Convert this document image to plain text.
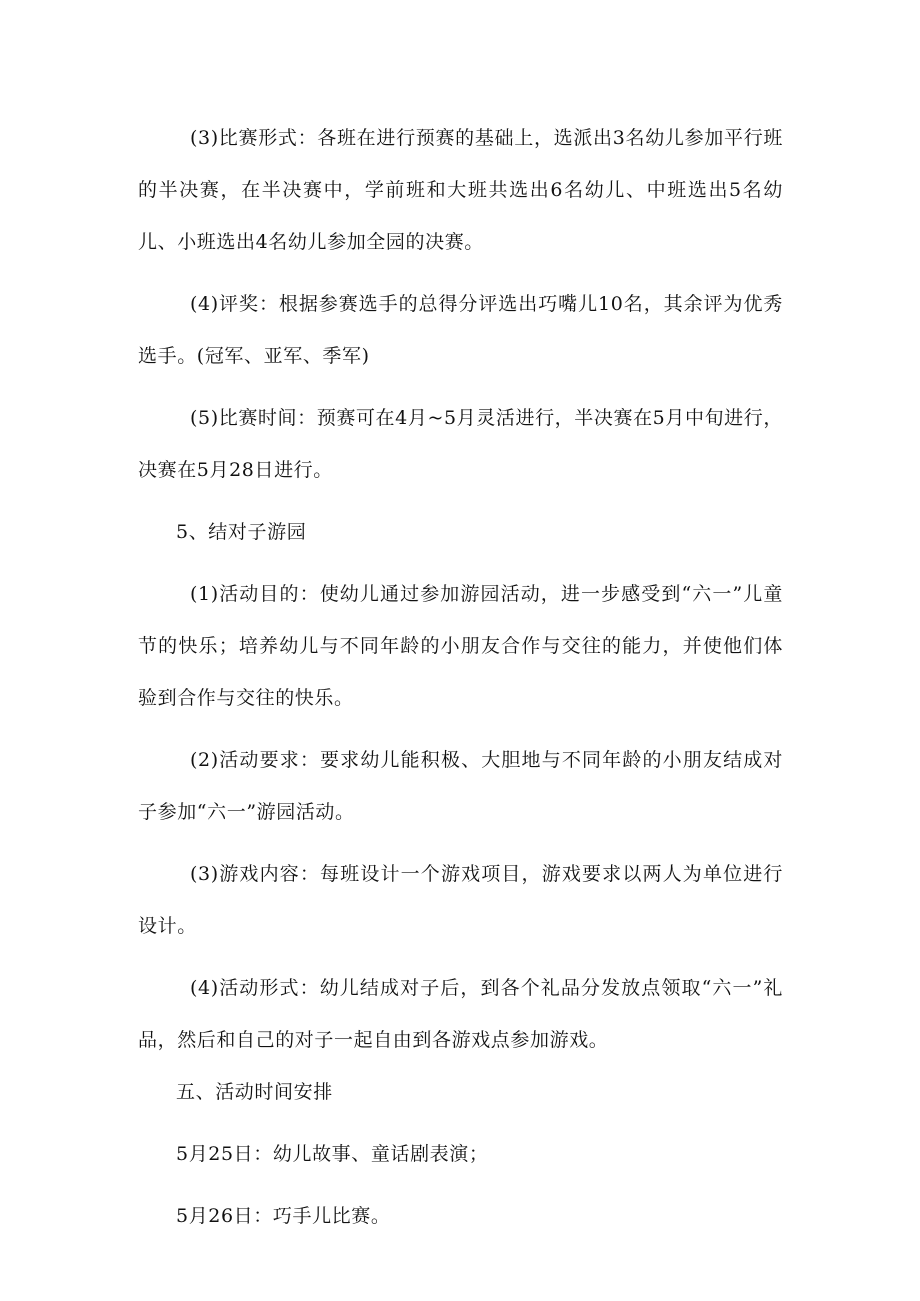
(3)比赛形式：各班在进行预赛的基础上，选派出3名幼儿参加平行班的半决赛，在半决赛中，学前班和大班共选出6名幼儿、中班选出5名幼儿、小班选出4名幼儿参加全园的决赛。

(4)评奖：根据参赛选手的总得分评选出巧嘴儿10名，其余评为优秀选手。(冠军、亚军、季军)

(5)比赛时间：预赛可在4月~5月灵活进行，半决赛在5月中旬进行，决赛在5月28日进行。

5、结对子游园

(1)活动目的：使幼儿通过参加游园活动，进一步感受到“六一”儿童节的快乐；培养幼儿与不同年龄的小朋友合作与交往的能力，并使他们体验到合作与交往的快乐。

(2)活动要求：要求幼儿能积极、大胆地与不同年龄的小朋友结成对子参加“六一”游园活动。

(3)游戏内容：每班设计一个游戏项目，游戏要求以两人为单位进行设计。

(4)活动形式：幼儿结成对子后，到各个礼品分发放点领取“六一”礼品，然后和自己的对子一起自由到各游戏点参加游戏。

五、活动时间安排

5月25日：幼儿故事、童话剧表演；

5月26日：巧手儿比赛。
